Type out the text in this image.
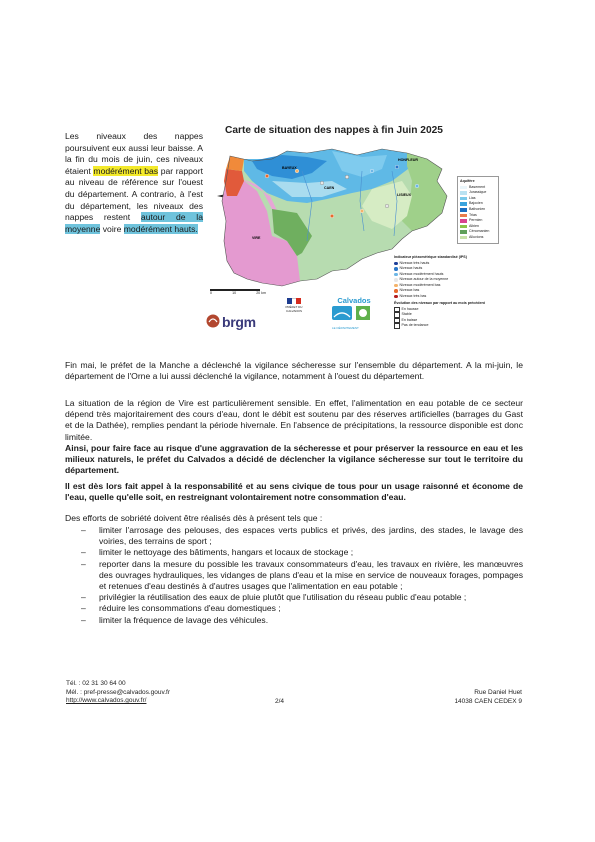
Les niveaux des nappes poursuivent eux aussi leur baisse. A la fin du mois de juin, ces niveaux étaient modérément bas par rapport au niveau de référence sur l'ouest du département. A contrario, à l'est du département, les niveaux des nappes restent autour de la moyenne voire modérément hauts.
Carte de situation des nappes à fin Juin 2025
CAEN
HONFLEUR
BAYEUX
LISIEUX
VIRE
Aquifère
Basement
Jurassique
Lias
Bajocien
Bathonien
Trias
Permien
Albien
Cénomanien
Alluvions
Indicateur piézométrique standardisé (IPS)
Niveaux très hauts
Niveaux hauts
Niveaux modérément hauts
Niveaux autour de la moyenne
Niveaux modérément bas
Niveaux bas
Niveaux très bas
Évolution des niveaux par rapport au mois précédent
En hausse
Stable
En baisse
Pas de tendance
0	10	20 km
brgm
PRÉFET DU CALVADOS
Calvados
LE DÉPARTEMENT
Fin mai, le préfet de la Manche a décleнché la vigilance sécheresse sur l'ensemble du département. A la mi-juin, le département de l'Orne a lui aussi déclenché la vigilance, notamment à l'ouest du département.
La situation de la région de Vire est particulièrement sensible. En effet, l'alimentation en eau potable de ce secteur dépend très majoritairement des cours d'eau, dont le débit est soutenu par des réserves artificielles (barrages du Gast et de la Dathée), remplies pendant la période hivernale. En l'absence de précipitations, la ressource disponible est donc limitée.
Ainsi, pour faire face au risque d'une aggravation de la sécheresse et pour préserver la ressource en eau et les milieux naturels, le préfet du Calvados a décidé de déclencher la vigilance sécheresse sur tout le territoire du département.
Il est dès lors fait appel à la responsabilité et au sens civique de tous pour un usage raisonné et économe de l'eau, quelle qu'elle soit, en restreignant volontairement notre consommation d'eau.
Des efforts de sobriété doivent être réalisés dès à présent tels que :
– limiter l'arrosage des pelouses, des espaces verts publics et privés, des jardins, des stades, le lavage des voiries, des terrains de sport ;
– limiter le nettoyage des bâtiments, hangars et locaux de stockage ;
– reporter dans la mesure du possible les travaux consommateurs d'eau, les travaux en rivière, les manœuvres des ouvrages hydrauliques, les vidanges de plans d'eau et la mise en service de nouveaux forages, pompages et retenues d'eau destinés à d'autres usages que l'alimentation en eau potable ;
– privilégier la réutilisation des eaux de pluie plutôt que l'utilisation du réseau public d'eau potable ;
– réduire les consommations d'eau domestiques ;
– limiter la fréquence de lavage des véhicules.
Tél. : 02 31 30 64 00
Mél. : pref-presse@calvados.gouv.fr
http://www.calvados.gouv.fr/	2/4
Rue Daniel Huet
14038 CAEN CEDEX 9
